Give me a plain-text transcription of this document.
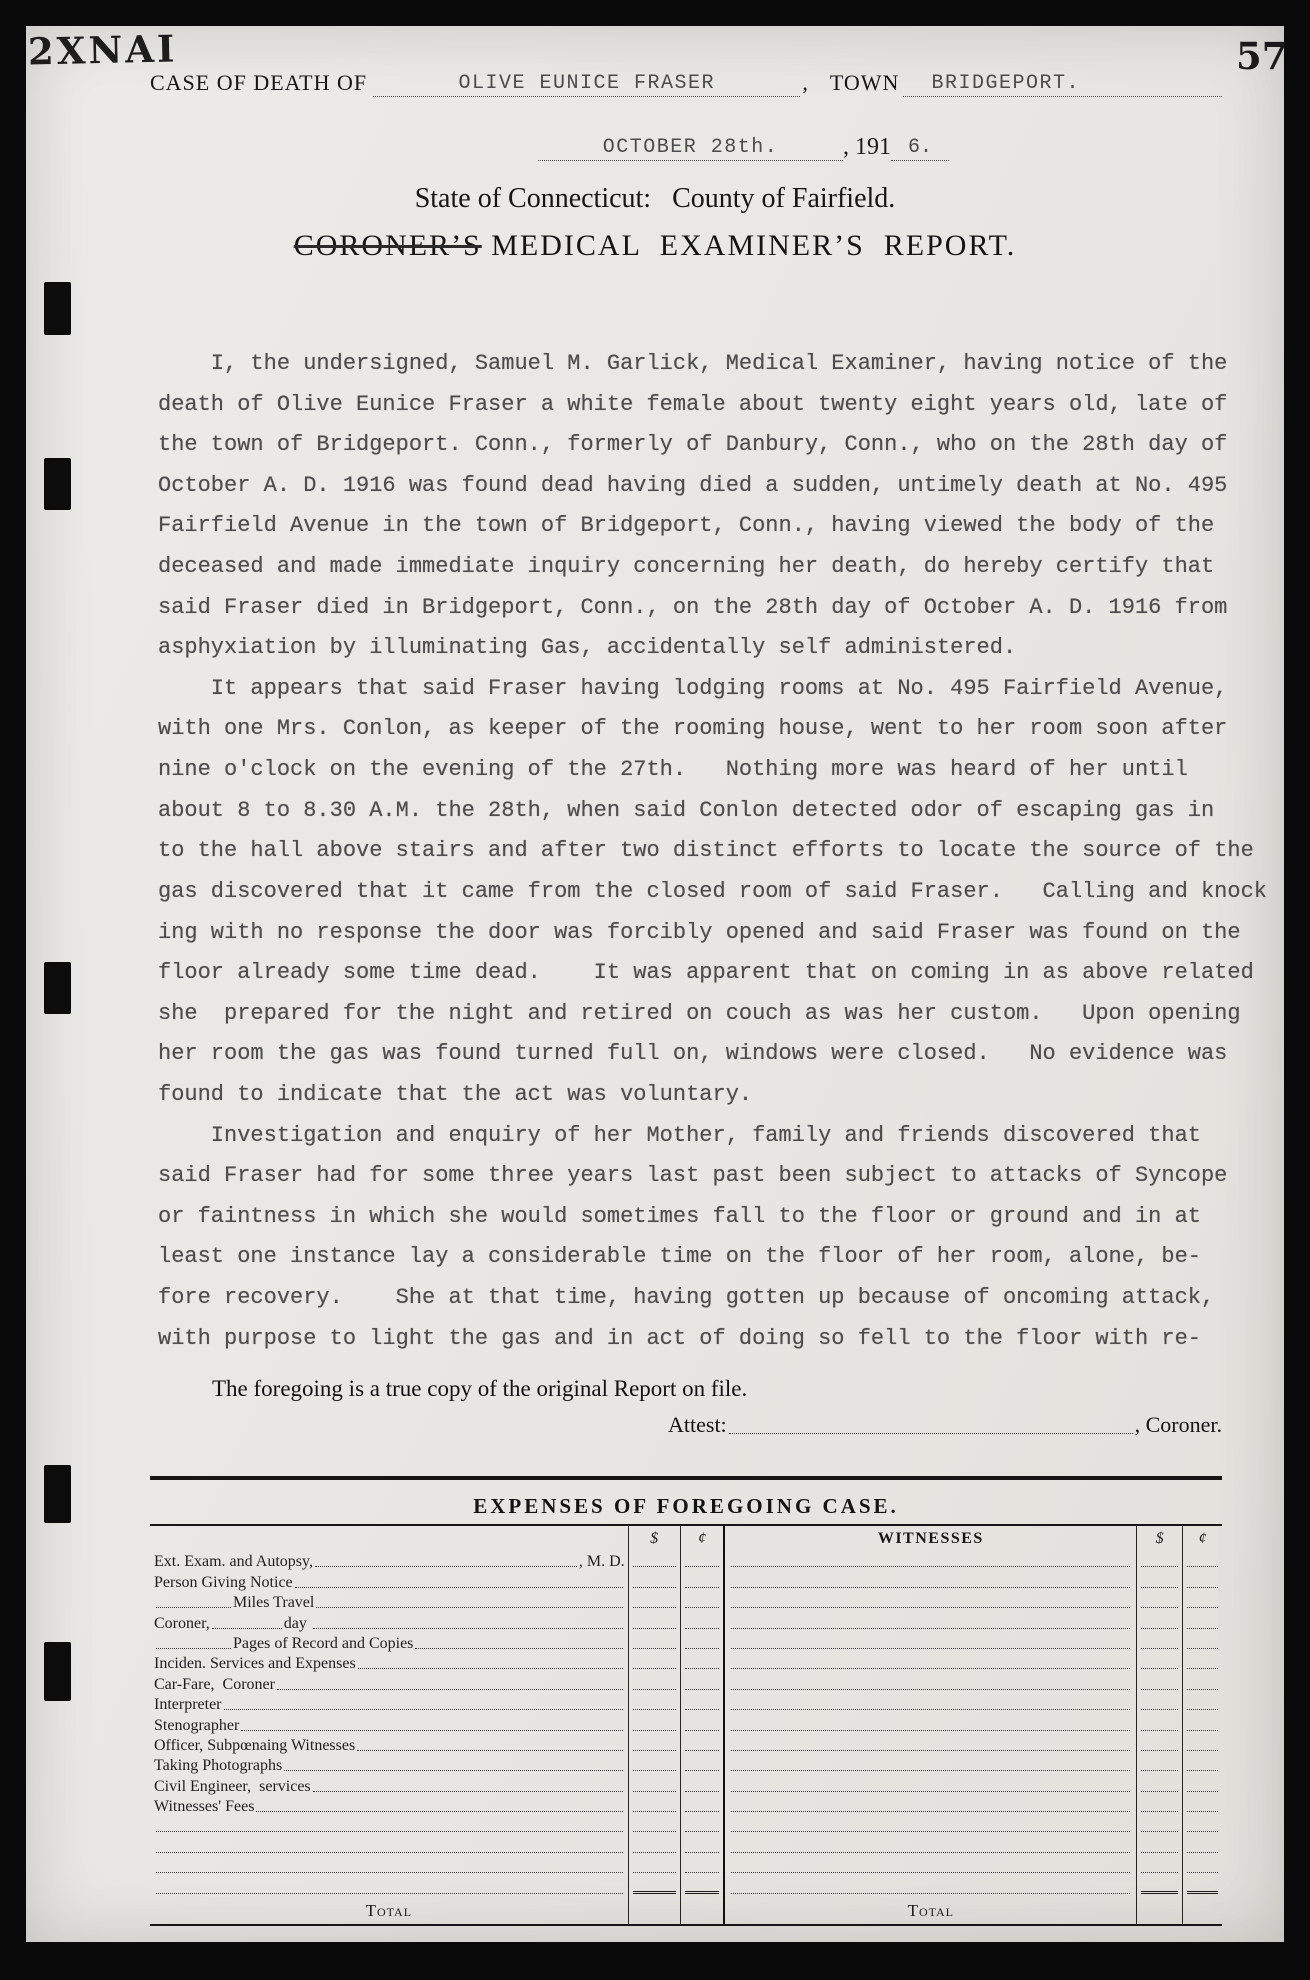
2XNAI	57
CASE OF DEATH OF	OLIVE EUNICE FRASER	, TOWN	BRIDGEPORT.
OCTOBER 28th.	, 191 6.
State of Connecticut:   County of Fairfield.
CORONER’S MEDICAL  EXAMINER’S  REPORT.
I, the undersigned, Samuel M. Garlick, Medical Examiner, having notice of the
death of Olive Eunice Fraser a white female about twenty eight years old, late of
the town of Bridgeport. Conn., formerly of Danbury, Conn., who on the 28th day of
October A. D. 1916 was found dead having died a sudden, untimely death at No. 495
Fairfield Avenue in the town of Bridgeport, Conn., having viewed the body of the
deceased and made immediate inquiry concerning her death, do hereby certify that
said Fraser died in Bridgeport, Conn., on the 28th day of October A. D. 1916 from
asphyxiation by illuminating Gas, accidentally self administered.
It appears that said Fraser having lodging rooms at No. 495 Fairfield Avenue,
with one Mrs. Conlon, as keeper of the rooming house, went to her room soon after
nine o'clock on the evening of the 27th.   Nothing more was heard of her until
about 8 to 8.30 A.M. the 28th, when said Conlon detected odor of escaping gas in
to the hall above stairs and after two distinct efforts to locate the source of the
gas discovered that it came from the closed room of said Fraser.   Calling and knock
ing with no response the door was forcibly opened and said Fraser was found on the
floor already some time dead.    It was apparent that on coming in as above related
she  prepared for the night and retired on couch as was her custom.   Upon opening
her room the gas was found turned full on, windows were closed.   No evidence was
found to indicate that the act was voluntary.
Investigation and enquiry of her Mother, family and friends discovered that
said Fraser had for some three years last past been subject to attacks of Syncope
or faintness in which she would sometimes fall to the floor or ground and in at
least one instance lay a considerable time on the floor of her room, alone, be-
fore recovery.    She at that time, having gotten up because of oncoming attack,
with purpose to light the gas and in act of doing so fell to the floor with re-
The foregoing is a true copy of the original Report on file.
Attest:	, Coroner.
EXPENSES OF FOREGOING CASE.
$	¢	WITNESSES	$	¢
Ext. Exam. and Autopsy,	, M. D.
Person Giving Notice
Miles Travel
Coroner,	day
Pages of Record and Copies
Inciden. Services and Expenses
Car-Fare,  Coroner
Interpreter
Stenographer
Officer, Subpœnaing Witnesses
Taking Photographs
Civil Engineer,  services
Witnesses' Fees
Total	Total
